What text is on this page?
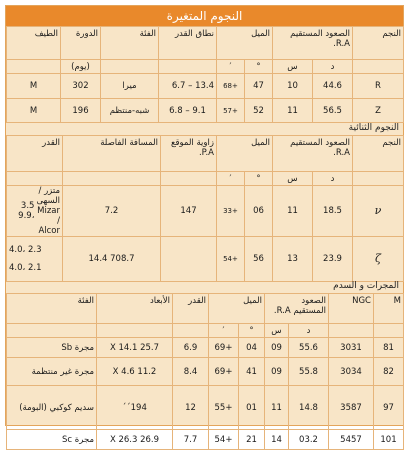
النجوم المتغيرة
النجم	الصعود المستقيم R.A.		الميل		نطاق القدر	الفئة	الدورة	الطيف
	د	س	°	′			(يوم)	
R	44.6	10	47	+68	13.4 – 6.7	ميرا	302	M
Z	56.5	11	52	+57	9.1 – 6.8	شبه-منتظم	196	M
النجوم الثنائية
النجم	الصعود المستقيم R.A.		الميل		زاوية الموقع P.A.	المسافة الفاصلة	القدر
	د	س	°	′			
ν	18.5	11	06	+33	147	7.2	متزر / السهى Mizar / Alcor
3.5 ،9.9

ζ	23.9	13	56	+54		708.7 14.4	2.3 ،4.0
2.1 ،4.0
المجرات و السدم
M	NGC	الصعود المستقيم R.A.		الميل		القدر	الأبعاد	الفئة
		د	س	°	′			
81	3031	55.6	09	04	+69	6.9	25.7 X 14.1	مجرة Sb
82	3034	55.8	09	41	+69	8.4	11.2 X 4.6	مجرة غير منتظمة
97	3587	14.8	11	01	+55	12	194´´	سديم كوكبي (البومة)
101	5457	03.2	14	21	+54	7.7	26.9 X 26.3	مجرة Sc
